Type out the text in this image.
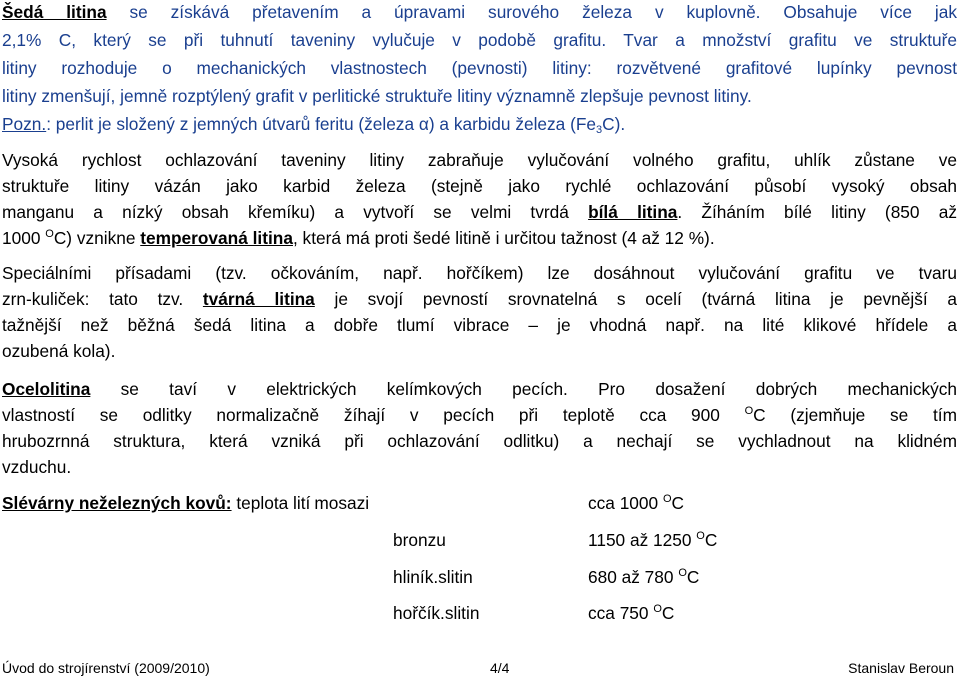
Šedá litina se získává přetavením a úpravami surového železa v kuplovně. Obsahuje více jak

2,1% C, který se při tuhnutí taveniny vylučuje v podobě grafitu. Tvar a množství grafitu ve struktuře

litiny rozhoduje o mechanických vlastnostech (pevnosti) litiny: rozvětvené grafitové lupínky pevnost

litiny zmenšují, jemně rozptýlený grafit v perlitické struktuře litiny významně zlepšuje pevnost litiny.

Pozn.: perlit je složený z jemných útvarů feritu (železa α) a karbidu železa $(Fe_3C)$.

Vysoká rychlost ochlazování taveniny litiny zabraňuje vylučování volného grafitu, uhlík zůstane ve

struktuře litiny vázán jako karbid železa (stejně jako rychlé ochlazování působí vysoký obsah

manganu a nízký obsah křemíku) a vytvoří se velmi tvrdá bílá litina. Žíháním bílé litiny (850 až

1000 $^O$C) vznikne temperovaná litina, která má proti šedé litině i určitou tažnost (4 až 12 %).

Speciálními přísadami (tzv. očkováním, např. hořčíkem) lze dosáhnout vylučování grafitu ve tvaru

zrn-kuliček: tato tzv. tvárná litina je svojí pevností srovnatelná s ocelí (tvárná litina je pevnější a

tažnější než běžná šedá litina a dobře tlumí vibrace – je vhodná např. na lité klikové hřídele a

ozubená kola).

Ocelolitina se taví v elektrických kelímkových pecích. Pro dosažení dobrých mechanických

vlastností se odlitky normalizačně žíhají v pecích při teplotě cca 900 $^O$C (zjemňuje se tím

hrubozrnná struktura, která vzniká při ochlazování odlitku) a nechají se vychladnout na klidném

vzduchu.

Slévárny neželezných kovů: teplota lití mosazi	cca 1000 $^O$C
bronzu	1150 až 1250 $^O$C
hliník.slitin	680 až 780 $^O$C
hořčík.slitin	cca 750 $^O$C
Úvod do strojírenství (2009/2010)	4/4	Stanislav Beroun
